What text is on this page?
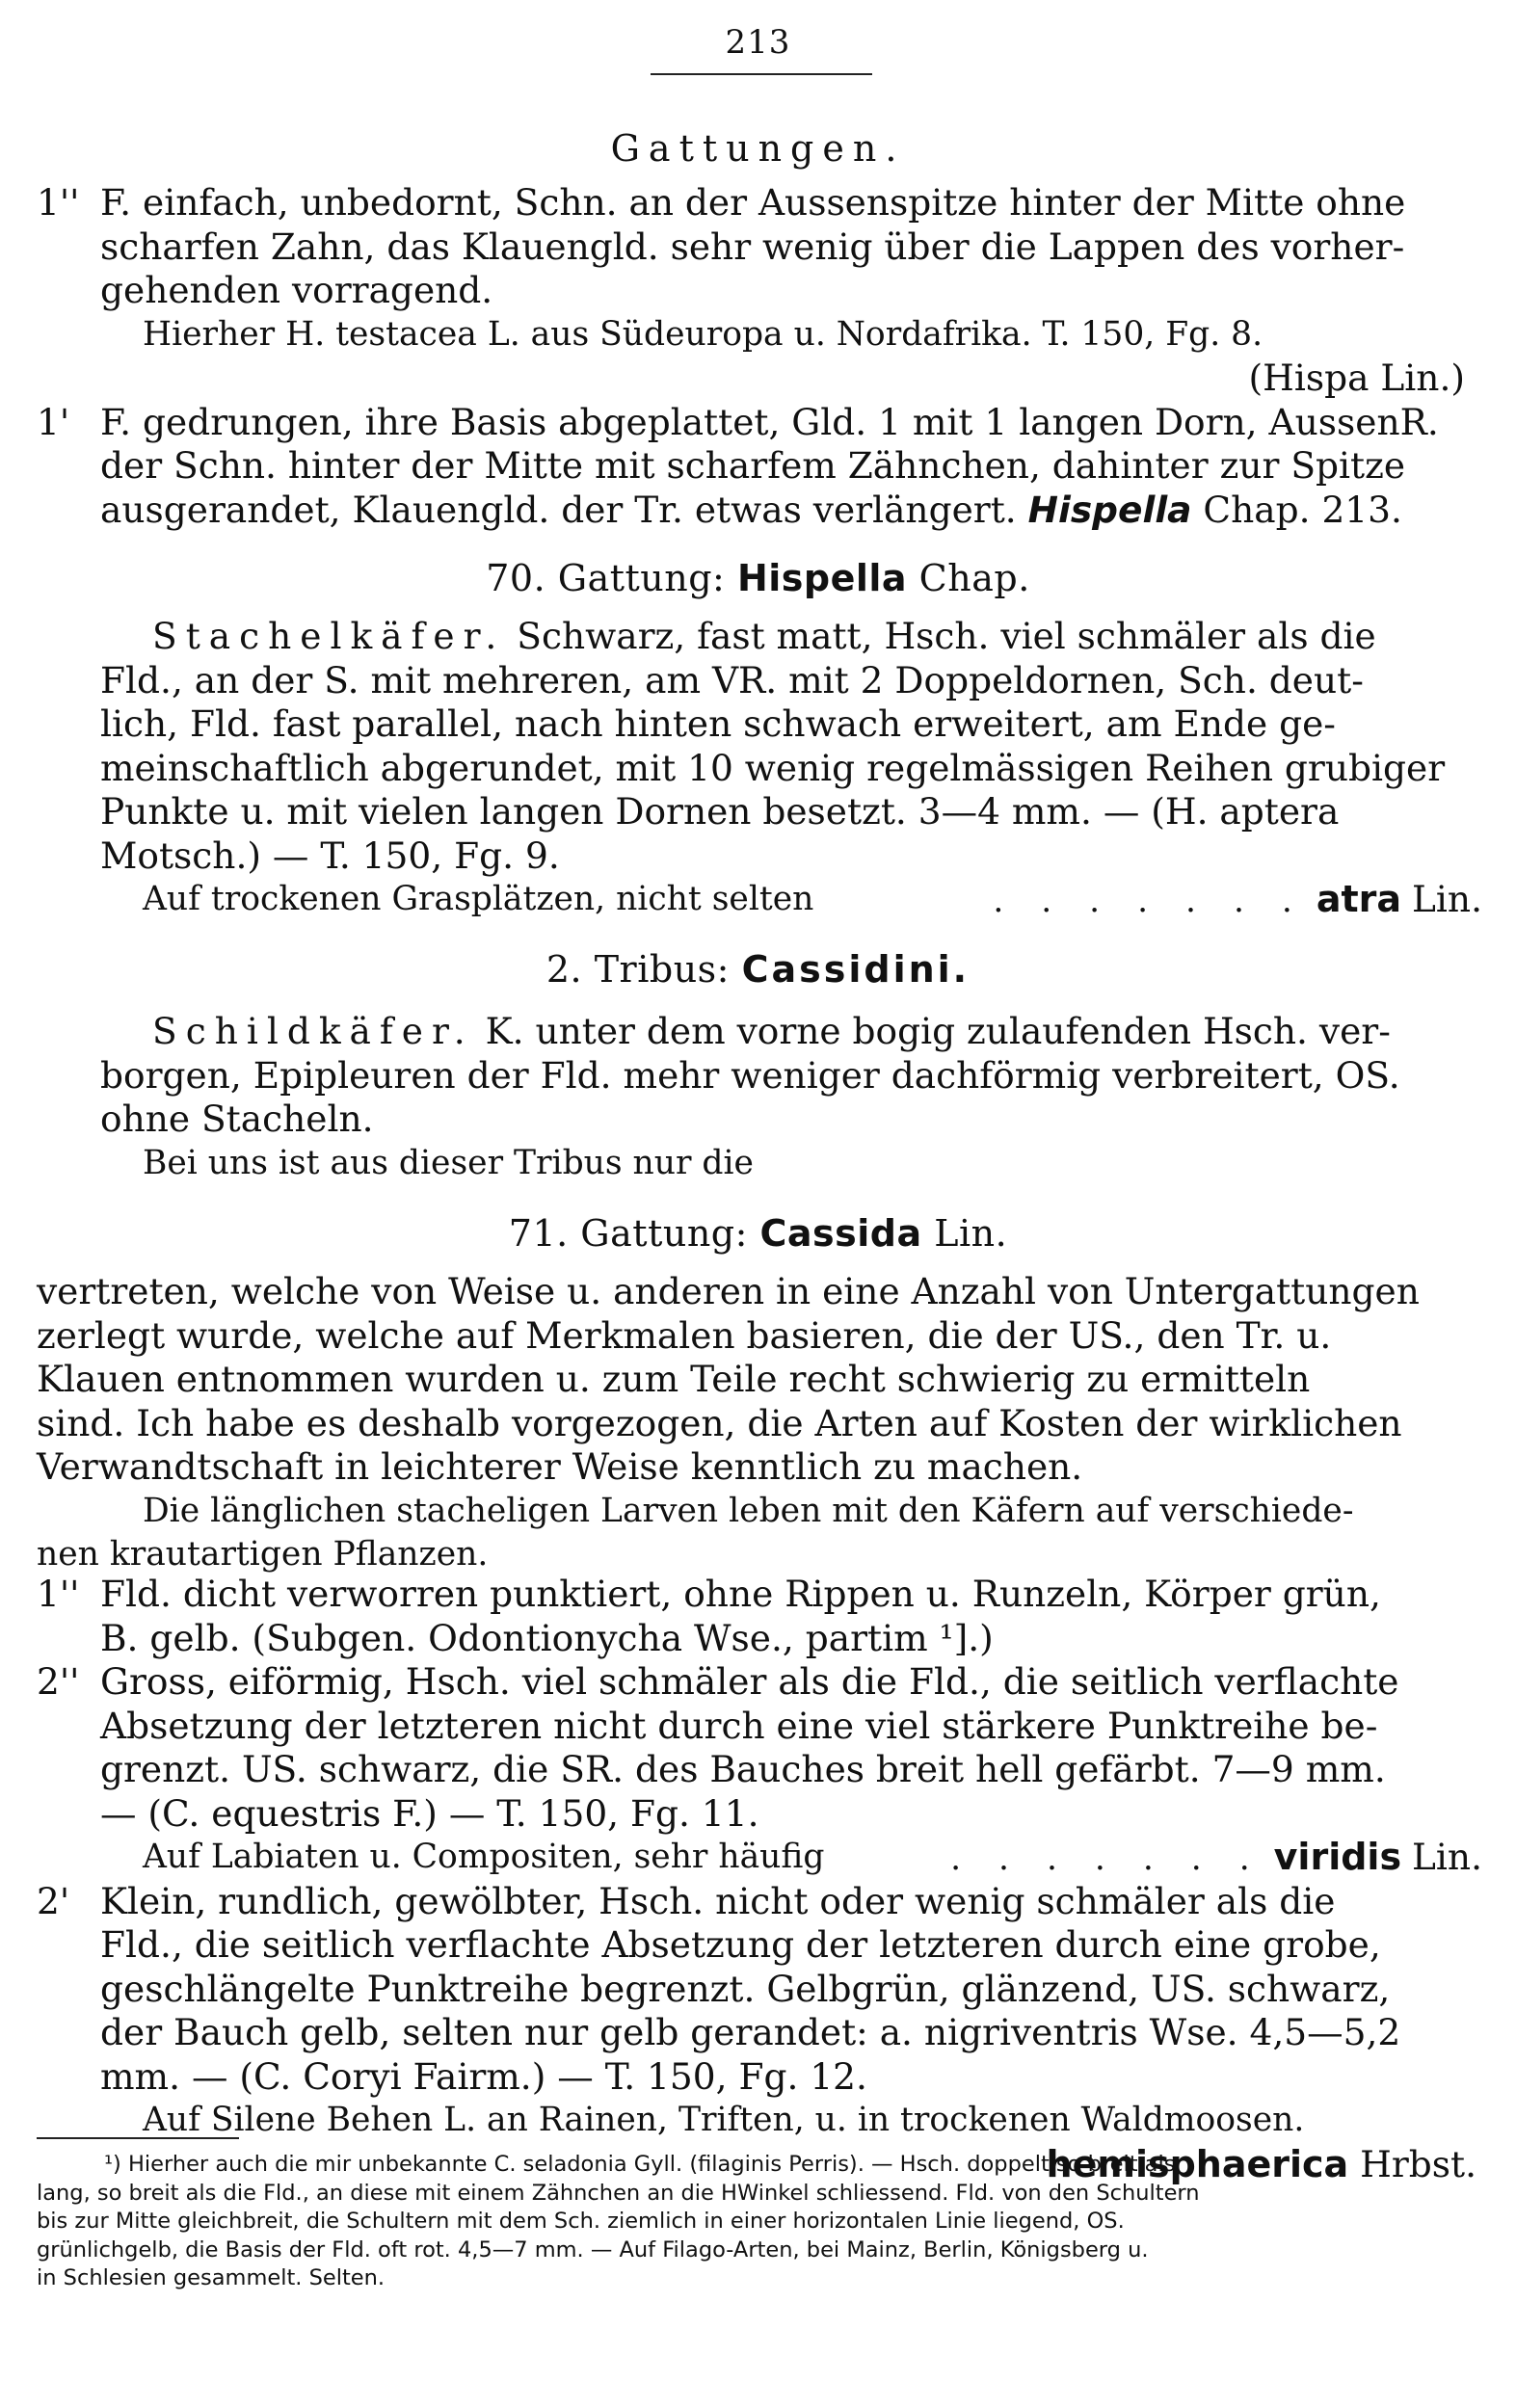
213
Gattungen.
1'' F. einfach, unbedornt, Schn. an der Aussenspitze hinter der Mitte ohne
scharfen Zahn, das Klauengld. sehr wenig über die Lappen des vorher-
gehenden vorragend.
Hierher H. testacea L. aus Südeuropa u. Nordafrika. T. 150, Fg. 8.
(Hispa Lin.)
1' F. gedrungen, ihre Basis abgeplattet, Gld. 1 mit 1 langen Dorn, AussenR.
der Schn. hinter der Mitte mit scharfem Zähnchen, dahinter zur Spitze
ausgerandet, Klauengld. der Tr. etwas verlängert. Hispella Chap. 213.
70. Gattung: Hispella Chap.
Stachelkäfer. Schwarz, fast matt, Hsch. viel schmäler als die
Fld., an der S. mit mehreren, am VR. mit 2 Doppeldornen, Sch. deut-
lich, Fld. fast parallel, nach hinten schwach erweitert, am Ende ge-
meinschaftlich abgerundet, mit 10 wenig regelmässigen Reihen grubiger
Punkte u. mit vielen langen Dornen besetzt. 3—4 mm. — (H. aptera
Motsch.) — T. 150, Fg. 9.
Auf trockenen Grasplätzen, nicht selten	. . . . . . . atra Lin.
2. Tribus: Cassidini.
Schildkäfer. K. unter dem vorne bogig zulaufenden Hsch. ver-
borgen, Epipleuren der Fld. mehr weniger dachförmig verbreitert, OS.
ohne Stacheln.
Bei uns ist aus dieser Tribus nur die
71. Gattung: Cassida Lin.
vertreten, welche von Weise u. anderen in eine Anzahl von Untergattungen
zerlegt wurde, welche auf Merkmalen basieren, die der US., den Tr. u.
Klauen entnommen wurden u. zum Teile recht schwierig zu ermitteln
sind. Ich habe es deshalb vorgezogen, die Arten auf Kosten der wirklichen
Verwandtschaft in leichterer Weise kenntlich zu machen.
Die länglichen stacheligen Larven leben mit den Käfern auf verschiede-
nen krautartigen Pflanzen.
1'' Fld. dicht verworren punktiert, ohne Rippen u. Runzeln, Körper grün,
B. gelb. (Subgen. Odontionycha Wse., partim ¹].)
2'' Gross, eiförmig, Hsch. viel schmäler als die Fld., die seitlich verflachte
Absetzung der letzteren nicht durch eine viel stärkere Punktreihe be-
grenzt. US. schwarz, die SR. des Bauches breit hell gefärbt. 7—9 mm.
— (C. equestris F.) — T. 150, Fg. 11.
Auf Labiaten u. Compositen, sehr häufig	. . . . . . . viridis Lin.
2' Klein, rundlich, gewölbter, Hsch. nicht oder wenig schmäler als die
Fld., die seitlich verflachte Absetzung der letzteren durch eine grobe,
geschlängelte Punktreihe begrenzt. Gelbgrün, glänzend, US. schwarz,
der Bauch gelb, selten nur gelb gerandet: a. nigriventris Wse. 4,5—5,2
mm. — (C. Coryi Fairm.) — T. 150, Fg. 12.
Auf Silene Behen L. an Rainen, Triften, u. in trockenen Waldmoosen.
hemisphaerica Hrbst.
¹) Hierher auch die mir unbekannte C. seladonia Gyll. (filaginis Perris). — Hsch. doppelt so breit als
lang, so breit als die Fld., an diese mit einem Zähnchen an die HWinkel schliessend. Fld. von den Schultern
bis zur Mitte gleichbreit, die Schultern mit dem Sch. ziemlich in einer horizontalen Linie liegend, OS.
grünlichgelb, die Basis der Fld. oft rot. 4,5—7 mm. — Auf Filago-Arten, bei Mainz, Berlin, Königsberg u.
in Schlesien gesammelt. Selten.
